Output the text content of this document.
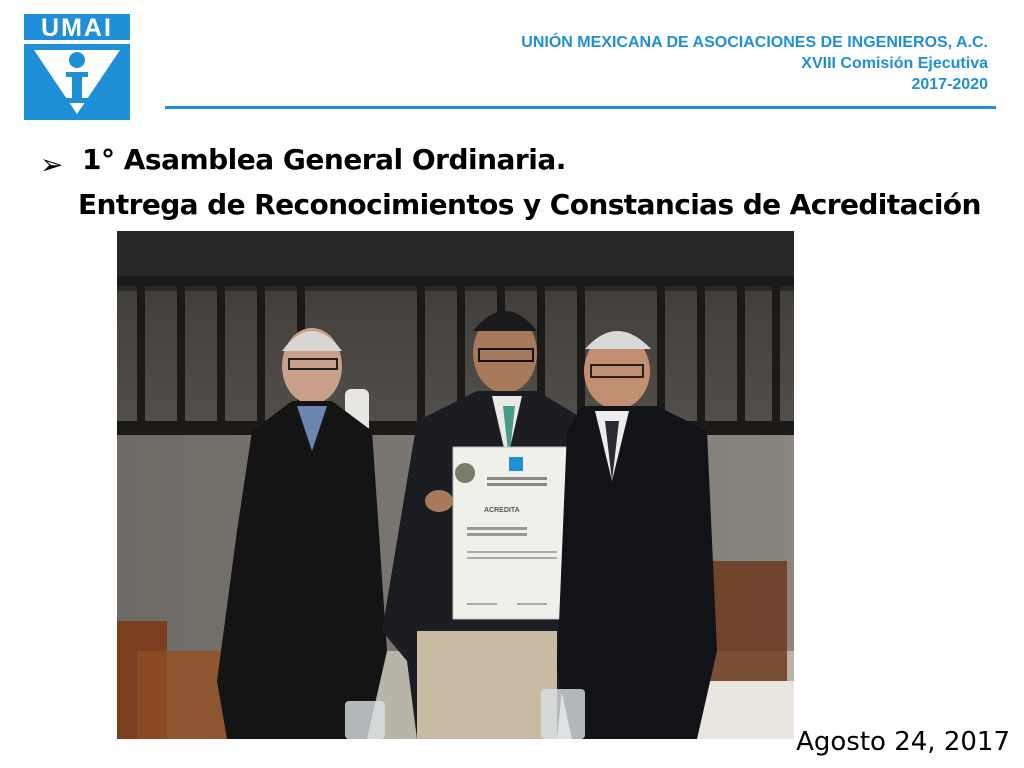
UMAI
UNIÓN MEXICANA DE ASOCIACIONES DE INGENIEROS, A.C.
XVIII Comisión Ejecutiva
2017-2020
➢ 1° Asamblea General Ordinaria.
Entrega de Reconocimientos y Constancias de Acreditación
ACREDITA
Agosto 24, 2017
